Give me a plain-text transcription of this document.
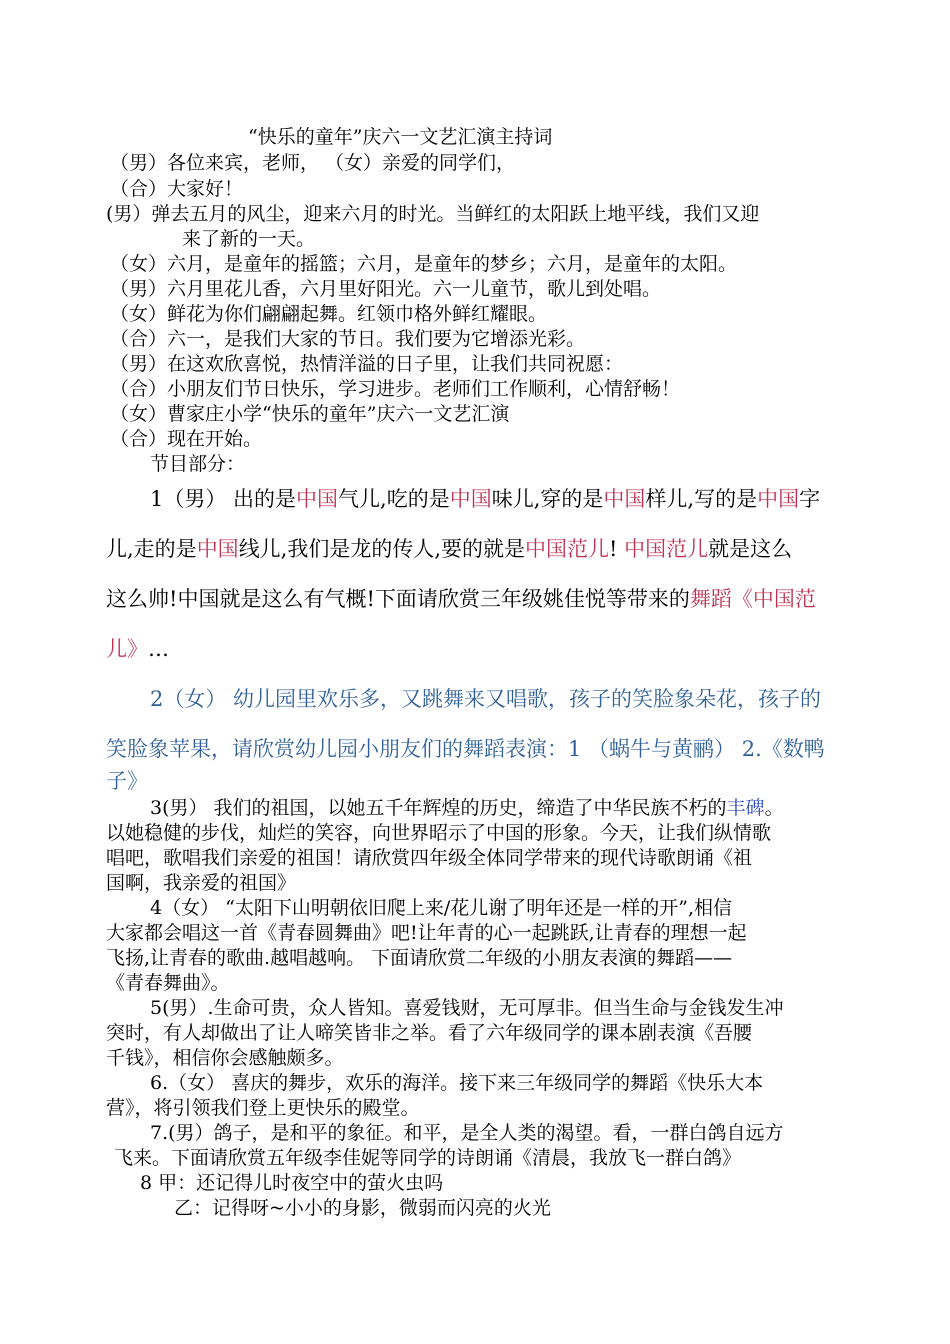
“快乐的童年”庆六一文艺汇演主持词
（男）各位来宾，老师， （女）亲爱的同学们，
（合）大家好！
(男）弹去五月的风尘，迎来六月的时光。当鲜红的太阳跃上地平线，我们又迎
来了新的一天。
（女）六月，是童年的摇篮；六月，是童年的梦乡；六月，是童年的太阳。
（男）六月里花儿香，六月里好阳光。六一儿童节，歌儿到处唱。
（女）鲜花为你们翩翩起舞。红领巾格外鲜红耀眼。
（合）六一，是我们大家的节日。我们要为它增添光彩。
（男）在这欢欣喜悦，热情洋溢的日子里，让我们共同祝愿：
（合）小朋友们节日快乐，学习进步。老师们工作顺利，心情舒畅！
（女）曹家庄小学“快乐的童年”庆六一文艺汇演
（合）现在开始。
节目部分：
1（男） 出的是中国气儿,吃的是中国味儿,穿的是中国样儿,写的是中国字
儿,走的是中国线儿,我们是龙的传人,要的就是中国范儿! 中国范儿就是这么
这么帅!中国就是这么有气概!下面请欣赏三年级姚佳悦等带来的舞蹈《中国范
儿》…
2（女） 幼儿园里欢乐多，又跳舞来又唱歌，孩子的笑脸象朵花，孩子的
笑脸象苹果，请欣赏幼儿园小朋友们的舞蹈表演：1 （蜗牛与黄鹂） 2.《数鸭
子》
3(男） 我们的祖国，以她五千年辉煌的历史，缔造了中华民族不朽的丰碑。
以她稳健的步伐，灿烂的笑容，向世界昭示了中国的形象。今天，让我们纵情歌
唱吧，歌唱我们亲爱的祖国！请欣赏四年级全体同学带来的现代诗歌朗诵《祖
国啊，我亲爱的祖国》
4（女） “太阳下山明朝依旧爬上来/花儿谢了明年还是一样的开”,相信
大家都会唱这一首《青春圆舞曲》吧!让年青的心一起跳跃,让青春的理想一起
飞扬,让青春的歌曲.越唱越响。 下面请欣赏二年级的小朋友表演的舞蹈——
《青春舞曲》。
5(男）.生命可贵，众人皆知。喜爱钱财，无可厚非。但当生命与金钱发生冲
突时，有人却做出了让人啼笑皆非之举。看了六年级同学的课本剧表演《吾腰
千钱》，相信你会感触颇多。
6.（女） 喜庆的舞步，欢乐的海洋。接下来三年级同学的舞蹈《快乐大本
营》，将引领我们登上更快乐的殿堂。
7.(男）鸽子，是和平的象征。和平，是全人类的渴望。看，一群白鸽自远方
飞来。下面请欣赏五年级李佳妮等同学的诗朗诵《清晨，我放飞一群白鸽》
8 甲：还记得儿时夜空中的萤火虫吗
乙：记得呀~小小的身影，微弱而闪亮的火光
